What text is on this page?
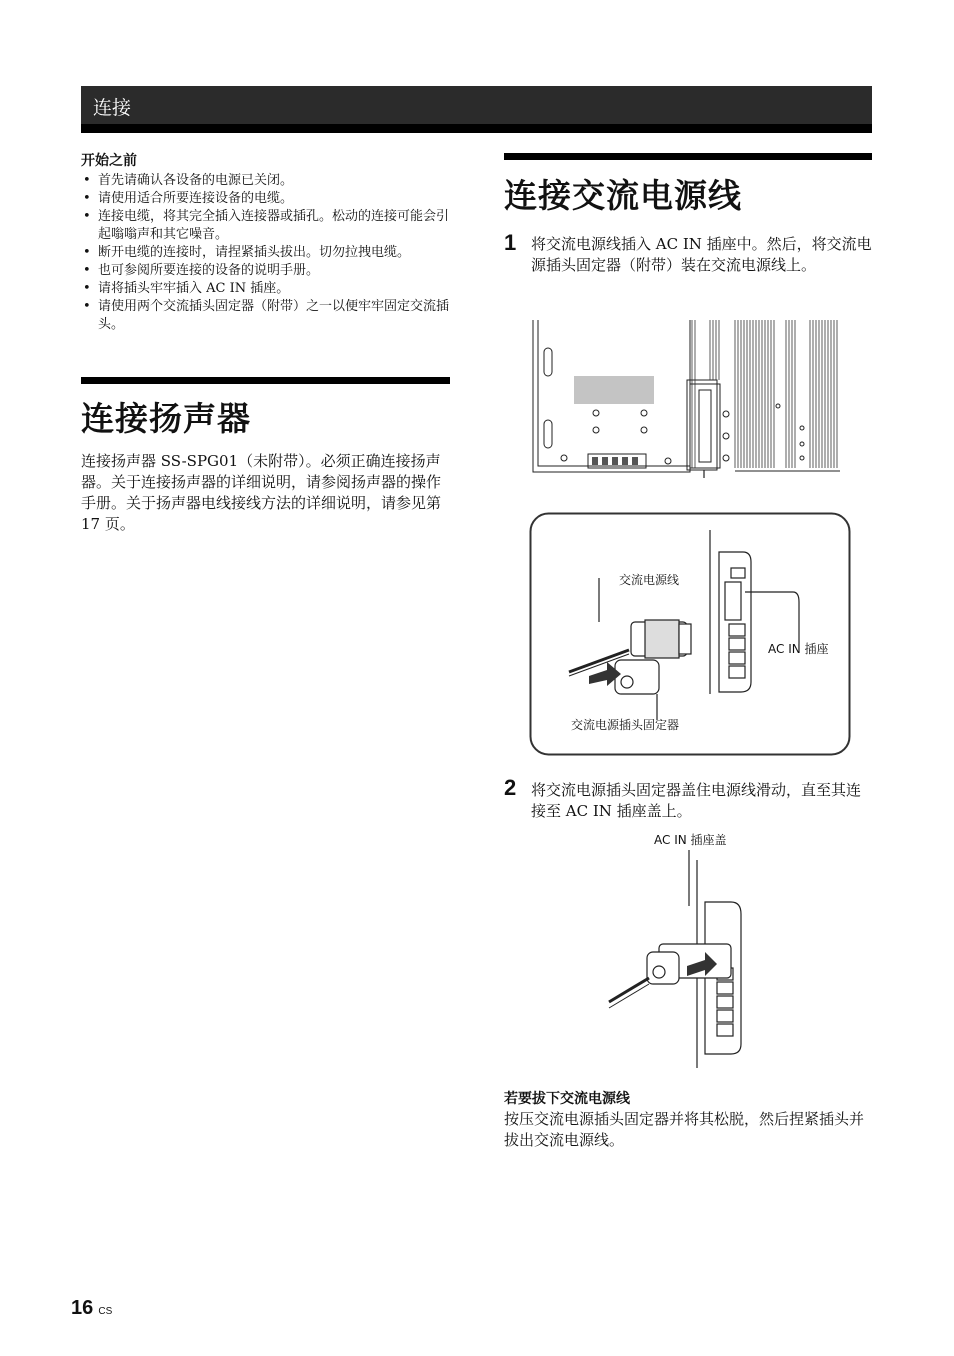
连接
开始之前
• 首先请确认各设备的电源已关闭。
• 请使用适合所要连接设备的电缆。
• 连接电缆，将其完全插入连接器或插孔。松动的连接可能会引起嗡嗡声和其它噪音。
• 断开电缆的连接时，请捏紧插头拔出。切勿拉拽电缆。
• 也可参阅所要连接的设备的说明手册。
• 请将插头牢牢插入 AC IN 插座。
• 请使用两个交流插头固定器（附带）之一以便牢牢固定交流插头。
连接扬声器
连接扬声器 SS-SPG01（未附带）。必须正确连接扬声器。关于连接扬声器的详细说明，请参阅扬声器的操作手册。关于扬声器电线接线方法的详细说明，请参见第 17 页。
连接交流电源线
1 将交流电源线插入 AC IN 插座中。然后，将交流电源插头固定器（附带）装在交流电源线上。
交流电源线
AC IN 插座
交流电源插头固定器
2 将交流电源插头固定器盖住电源线滑动，直至其连接至 AC IN 插座盖上。
AC IN 插座盖
若要拔下交流电源线
按压交流电源插头固定器并将其松脱，然后捏紧插头并拔出交流电源线。
16 CS
